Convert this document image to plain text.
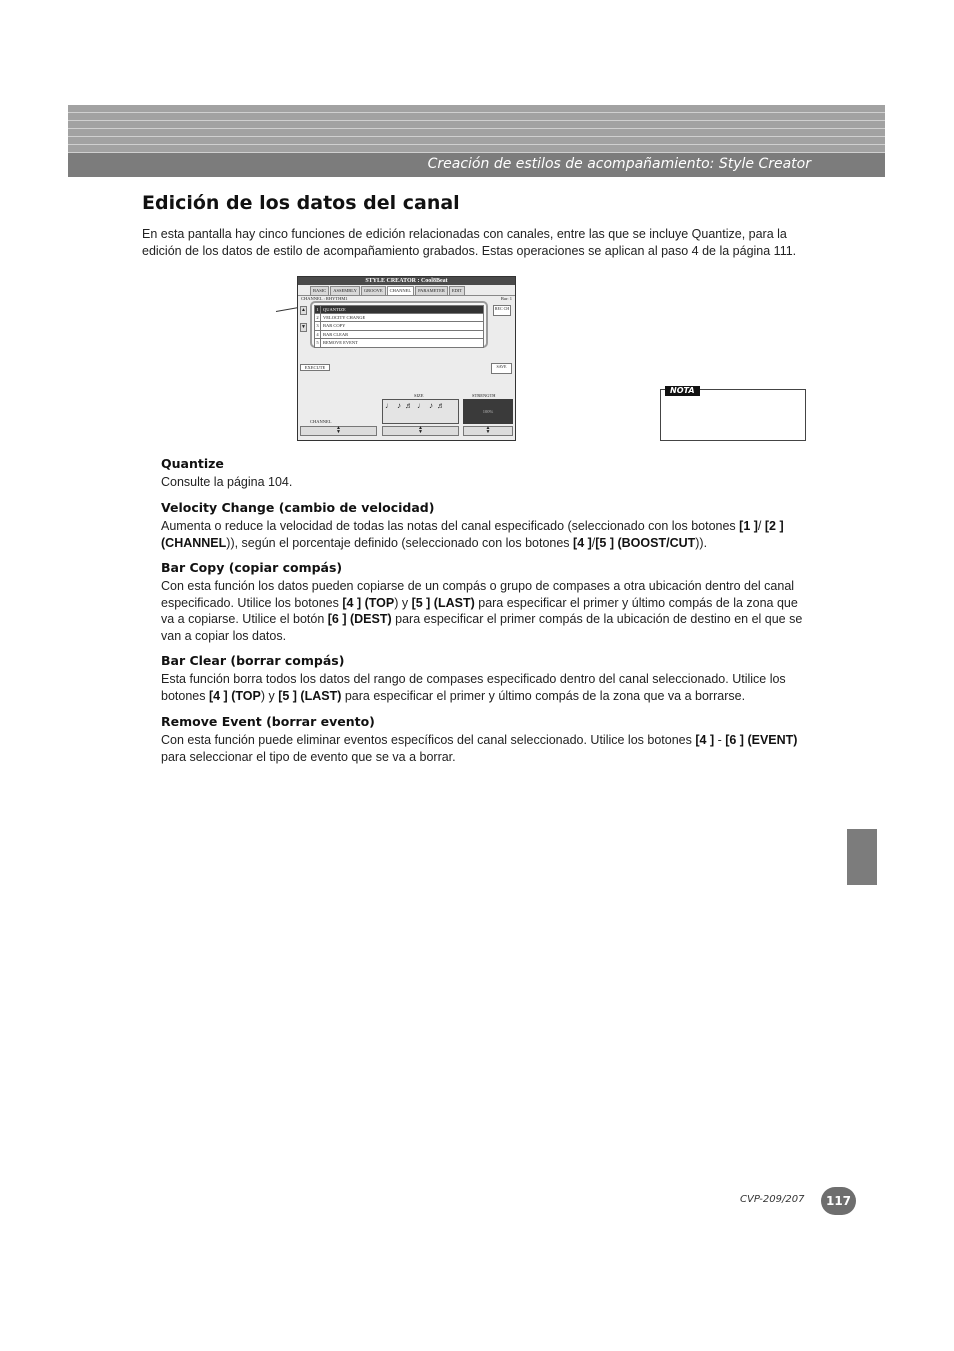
Creación de estilos de acompañamiento: Style Creator
Edición de los datos del canal

En esta pantalla hay cinco funciones de edición relacionadas con canales, entre las que se incluye Quantize, para la edición de los datos de estilo de acompañamiento grabados. Estas operaciones se aplican al paso 4 de la página 111.

STYLE CREATOR : Cool8Beat
BASIC	ASSEMBLY	GROOVE	CHANNEL	PARAMETER	EDIT
CHANNEL : RHYTHM1	Bar: 1
▲
▼
1 QUANTIZE
2 VELOCITY CHANGE
3 BAR COPY
4 BAR CLEAR
5 REMOVE EVENT
REC CH
EXECUTE	SAVE
SIZE	STRENGTH
♩ ♪ ♬ ♩ ♪ ♬
100%
CHANNEL
▲
▼
▲
▼
▲
▼
NOTA
Quantize

Consulte la página 104.

Velocity Change (cambio de velocidad)

Aumenta o reduce la velocidad de todas las notas del canal especificado (seleccionado con los botones [1 ]/ [2 ] (CHANNEL)), según el porcentaje definido (seleccionado con los botones [4 ]/[5 ] (BOOST/CUT)).

Bar Copy (copiar compás)

Con esta función los datos pueden copiarse de un compás o grupo de compases a otra ubicación dentro del canal especificado. Utilice los botones [4 ] (TOP) y [5 ] (LAST) para especificar el primer y último compás de la zona que va a copiarse. Utilice el botón [6 ] (DEST) para especificar el primer compás de la ubicación de destino en el que se van a copiar los datos.

Bar Clear (borrar compás)

Esta función borra todos los datos del rango de compases especificado dentro del canal seleccionado. Utilice los botones [4 ] (TOP) y [5 ] (LAST) para especificar el primer y último compás de la zona que va a borrarse.

Remove Event (borrar evento)

Con esta función puede eliminar eventos específicos del canal seleccionado. Utilice los botones [4 ] - [6 ] (EVENT) para seleccionar el tipo de evento que se va a borrar.

CVP-209/207	117
